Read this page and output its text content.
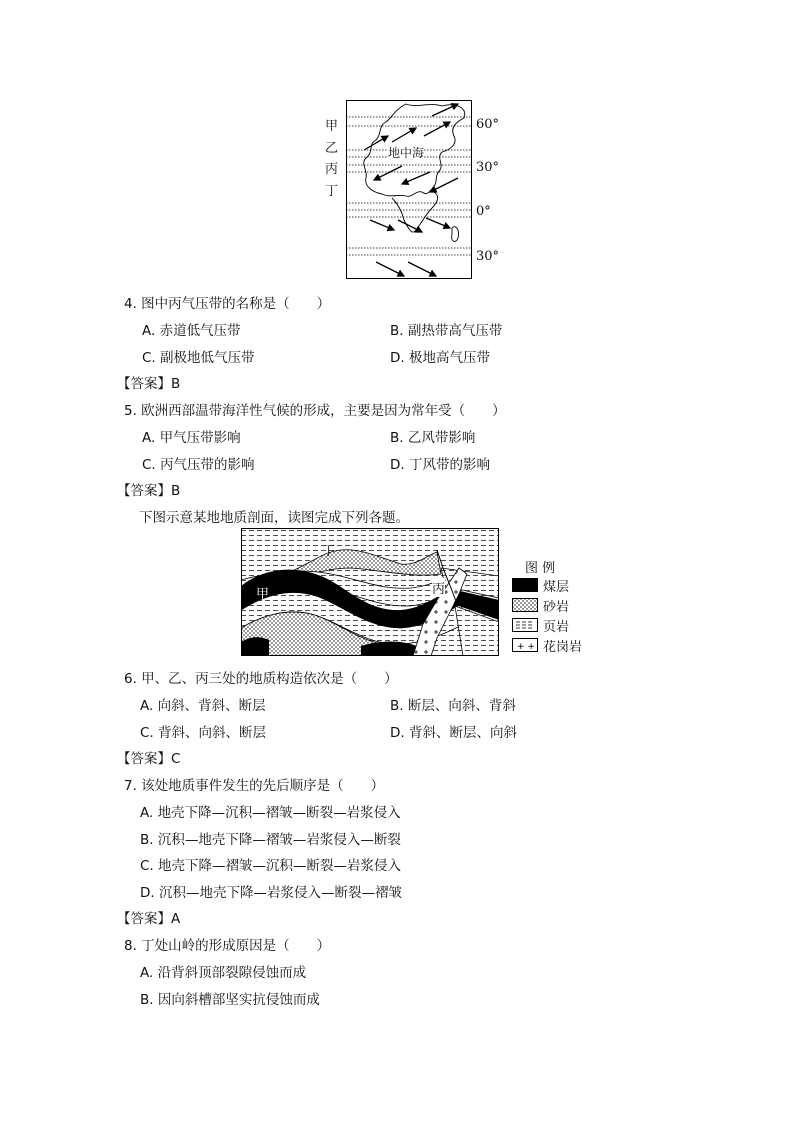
甲
乙
丙
丁
地中海
60°
30°
0°
30°
4. 图中丙气压带的名称是（　　）
A. 赤道低气压带	B. 副热带高气压带
C. 副极地低气压带	D. 极地高气压带
【答案】B
5. 欧洲西部温带海洋性气候的形成，主要是因为常年受（　　）
A. 甲气压带影响	B. 乙风带影响
C. 丙气压带的影响	D. 丁风带的影响
【答案】B
下图示意某地地质剖面，读图完成下列各题。
丁
甲
乙
丙
图 例
煤层
砂岩
页岩
+ + 花岗岩
6. 甲、乙、丙三处的地质构造依次是（　　）
A. 向斜、背斜、断层	B. 断层、向斜、背斜
C. 背斜、向斜、断层	D. 背斜、断层、向斜
【答案】C
7. 该处地质事件发生的先后顺序是（　　）
A. 地壳下降—沉积—褶皱—断裂—岩浆侵入
B. 沉积—地壳下降—褶皱—岩浆侵入—断裂
C. 地壳下降—褶皱—沉积—断裂—岩浆侵入
D. 沉积—地壳下降—岩浆侵入—断裂—褶皱
【答案】A
8. 丁处山岭的形成原因是（　　）
A. 沿背斜顶部裂隙侵蚀而成
B. 因向斜槽部坚实抗侵蚀而成
